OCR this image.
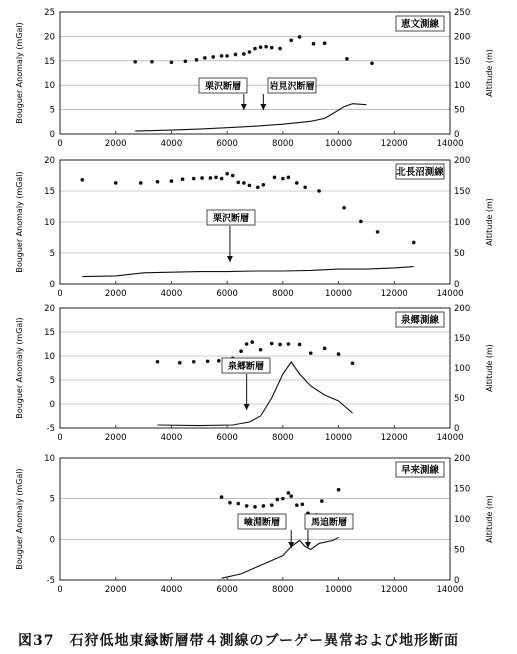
0	2000	4000	6000	8000	10000	12000	14000
0
5
10
15
20
25
0
50
100
150
200
250
Bouguer Anomaly (mGal)	Altitude (m)
恵文測線
栗沢断層	岩見沢断層
0	2000	4000	6000	8000	10000	12000	14000
0
5
10
15
20
0
50
100
150
200
Bouguer Anomaly (mGal)	Altitude (m)
北長沼測線
栗沢断層
0	2000	4000	6000	8000	10000	12000	14000
-5
0
5
10
15
20
0
50
100
150
200
Bouguer Anomaly (mGal)	Altitude (m)
泉郷測線
泉郷断層
0	2000	4000	6000	8000	10000	12000	14000
-5
0
5
10
0
50
100
150
200
Bouguer Anomaly (mGal)	Altitude (m)
早来測線
嶮淵断層	馬追断層
図37　石狩低地東縁断層帯４測線のブーゲー異常および地形断面
